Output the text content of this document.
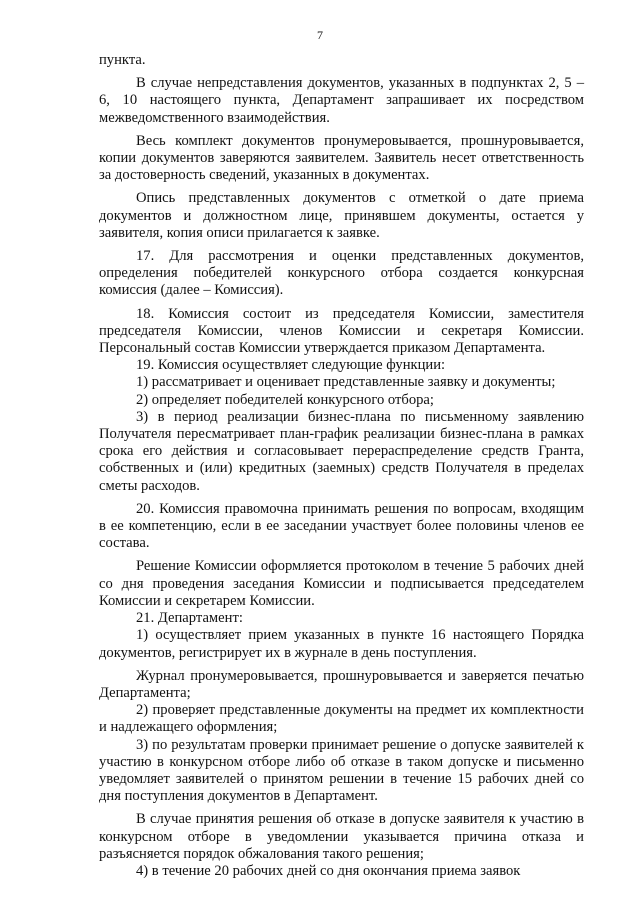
7

пункта.

В случае непредставления документов, указанных в подпунктах 2, 5 – 6, 10 настоящего пункта, Департамент запрашивает их посредством межведомственного взаимодействия.

Весь комплект документов пронумеровывается, прошнуровывается, копии документов заверяются заявителем. Заявитель несет ответственность за достоверность сведений, указанных в документах.

Опись представленных документов с отметкой о дате приема документов и должностном лице, принявшем документы, остается у заявителя, копия описи прилагается к заявке.

17. Для рассмотрения и оценки представленных документов, определения победителей конкурсного отбора создается конкурсная комиссия (далее – Комиссия).

18. Комиссия состоит из председателя Комиссии, заместителя председателя Комиссии, членов Комиссии и секретаря Комиссии. Персональный состав Комиссии утверждается приказом Департамента.

19. Комиссия осуществляет следующие функции:

1) рассматривает и оценивает представленные заявку и документы;

2) определяет победителей конкурсного отбора;

3) в период реализации бизнес-плана по письменному заявлению Получателя пересматривает план-график реализации бизнес-плана в рамках срока его действия и согласовывает перераспределение средств Гранта, собственных и (или) кредитных (заемных) средств Получателя в пределах сметы расходов.

20. Комиссия правомочна принимать решения по вопросам, входящим в ее компетенцию, если в ее заседании участвует более половины членов ее состава.

Решение Комиссии оформляется протоколом в течение 5 рабочих дней со дня проведения заседания Комиссии и подписывается председателем Комиссии и секретарем Комиссии.

21. Департамент:

1) осуществляет прием указанных в пункте 16 настоящего Порядка документов, регистрирует их в журнале в день поступления.

Журнал пронумеровывается, прошнуровывается и заверяется печатью Департамента;

2) проверяет представленные документы на предмет их комплектности и надлежащего оформления;

3) по результатам проверки принимает решение о допуске заявителей к участию в конкурсном отборе либо об отказе в таком допуске и письменно уведомляет заявителей о принятом решении в течение 15 рабочих дней со дня поступления документов в Департамент.

В случае принятия решения об отказе в допуске заявителя к участию в конкурсном отборе в уведомлении указывается причина отказа и разъясняется порядок обжалования такого решения;

4) в течение 20 рабочих дней со дня окончания приема заявок
